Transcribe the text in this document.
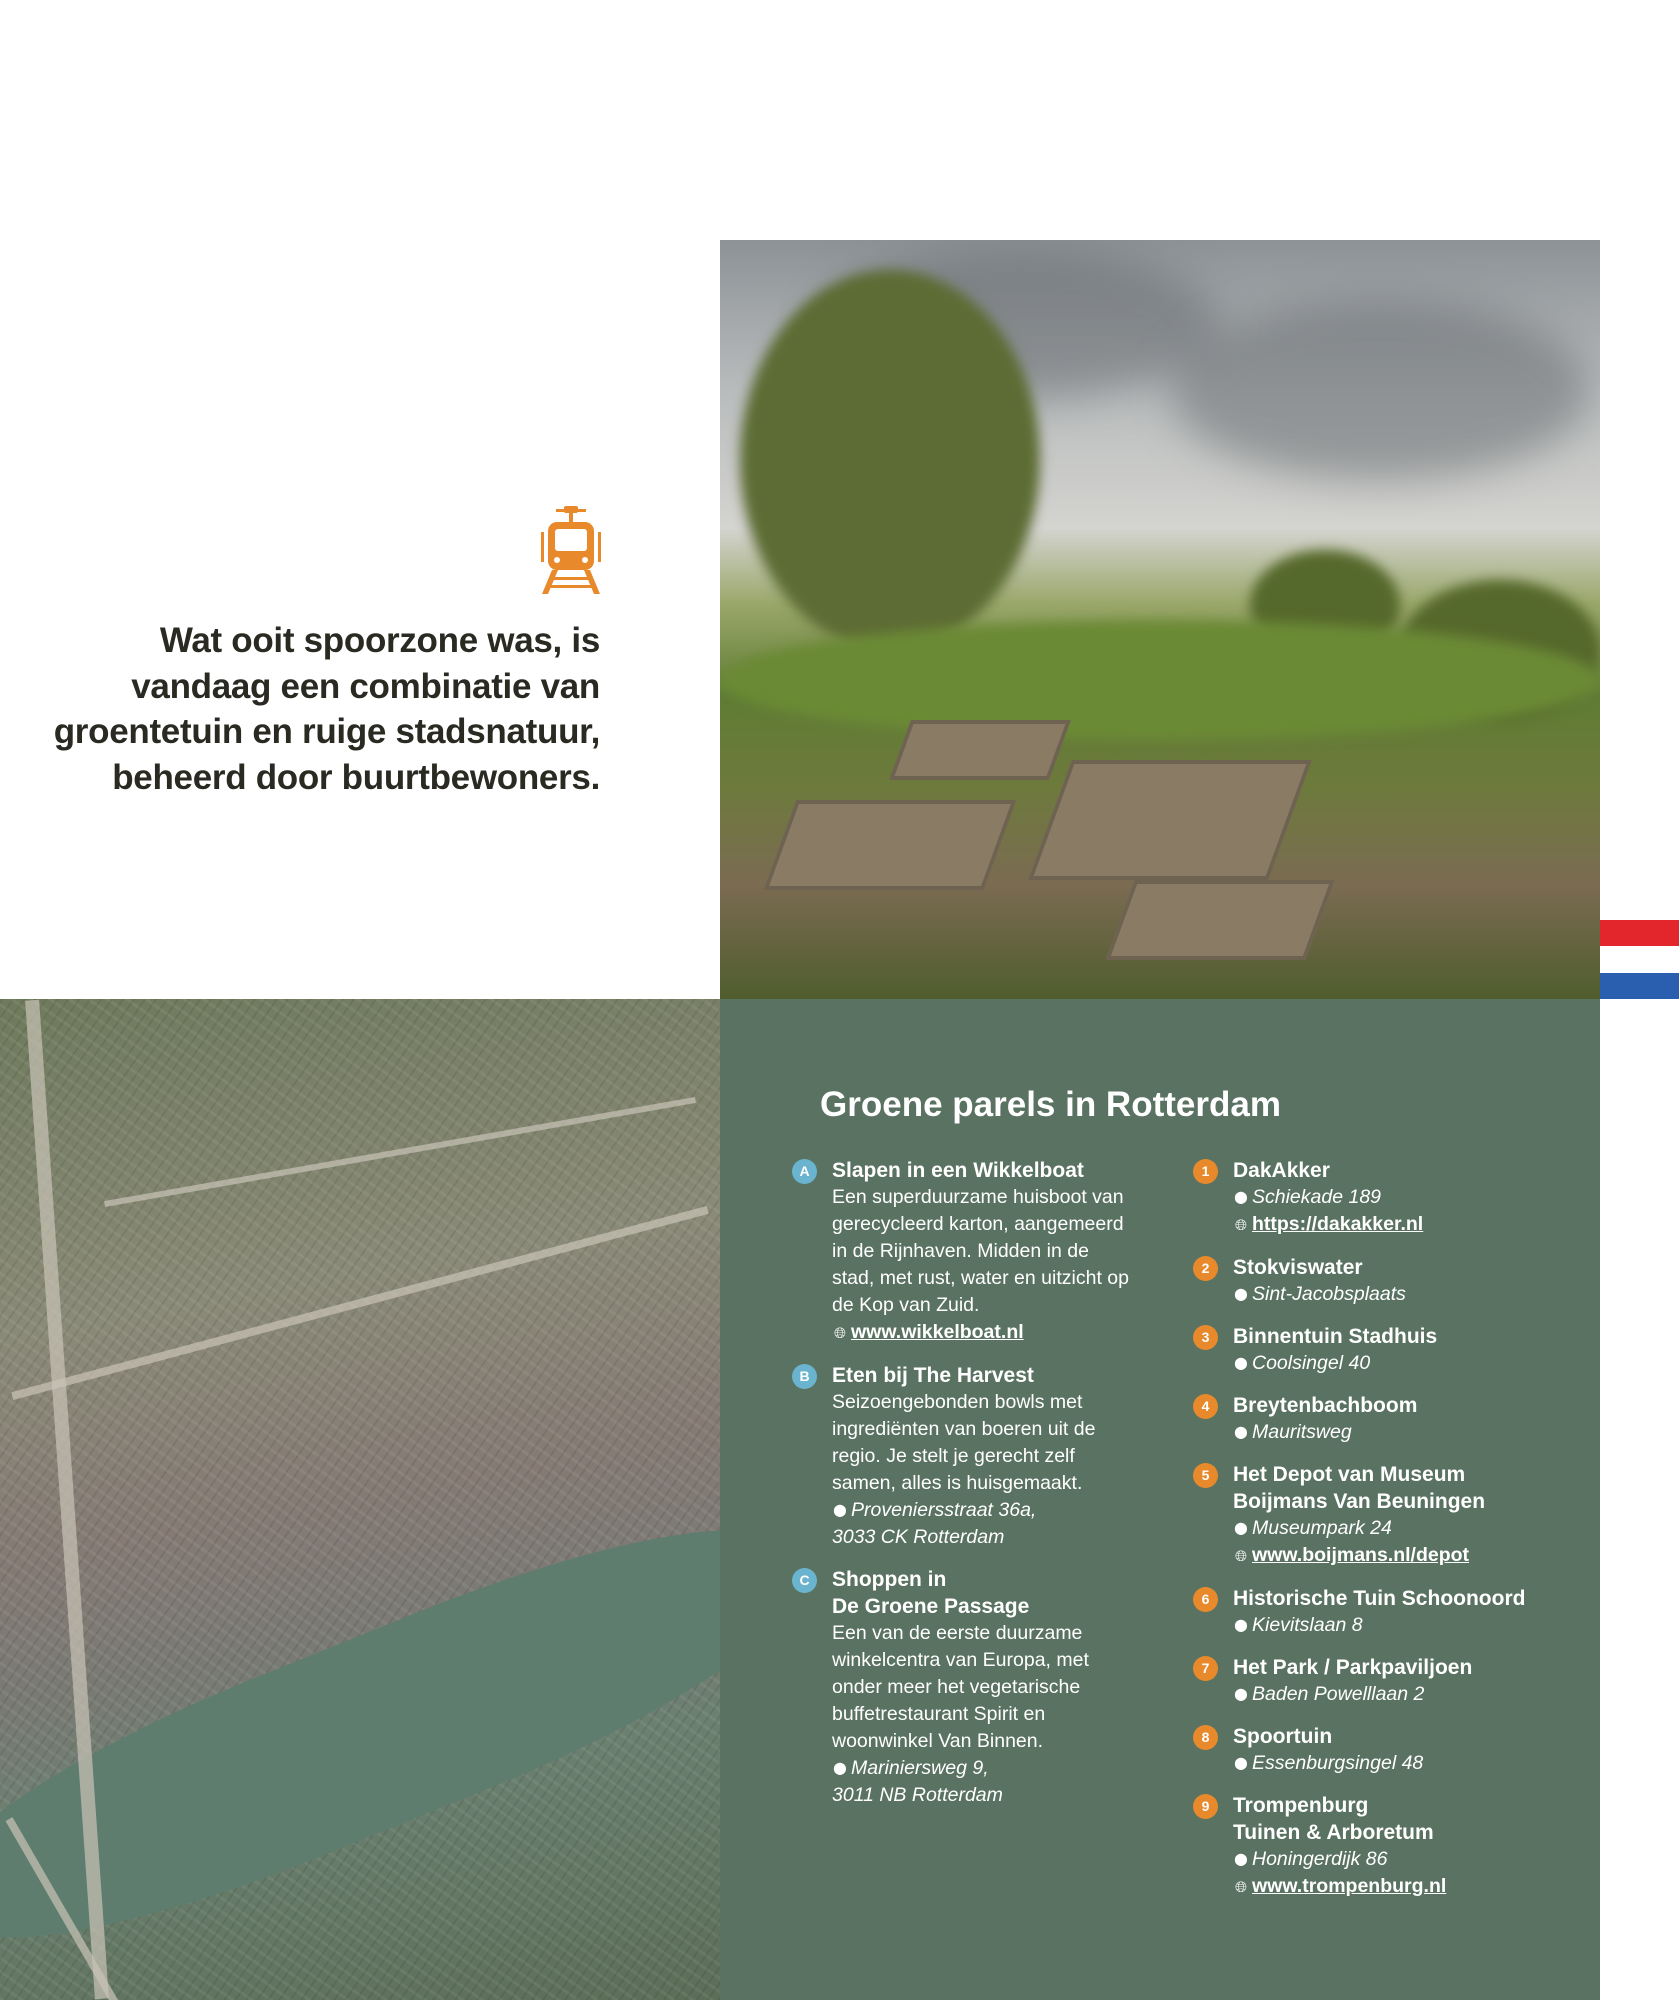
Wat ooit spoorzone was, is vandaag een combinatie van groentetuin en ruige stadsnatuur, beheerd door buurtbewoners.
Groene parels in Rotterdam
A	Slapen in een Wikkelboat
Een superduurzame huisboot van gerecycleerd karton, aangemeerd in de Rijnhaven. Midden in de stad, met rust, water en uitzicht op de Kop van Zuid.
🌐︎ www.wikkelboat.nl
B	Eten bij The Harvest
Seizoengebonden bowls met ingrediënten van boeren uit de regio. Je stelt je gerecht zelf samen, alles is huisgemaakt.
⬤ Proveniersstraat 36a,
3033 CK Rotterdam
C	Shoppen in
De Groene Passage
Een van de eerste duurzame winkelcentra van Europa, met onder meer het vegetarische buffetrestaurant Spirit en woonwinkel Van Binnen.
⬤ Mariniersweg 9,
3011 NB Rotterdam
1	DakAkker
⬤ Schiekade 189
🌐︎ https://dakakker.nl
2	Stokviswater
⬤ Sint-Jacobsplaats
3	Binnentuin Stadhuis
⬤ Coolsingel 40
4	Breytenbachboom
⬤ Mauritsweg
5	Het Depot van Museum
Boijmans Van Beuningen
⬤ Museumpark 24
🌐︎ www.boijmans.nl/depot
6	Historische Tuin Schoonoord
⬤ Kievitslaan 8
7	Het Park / Parkpaviljoen
⬤ Baden Powelllaan 2
8	Spoortuin
⬤ Essenburgsingel 48
9	Trompenburg
Tuinen & Arboretum
⬤ Honingerdijk 86
🌐︎ www.trompenburg.nl
